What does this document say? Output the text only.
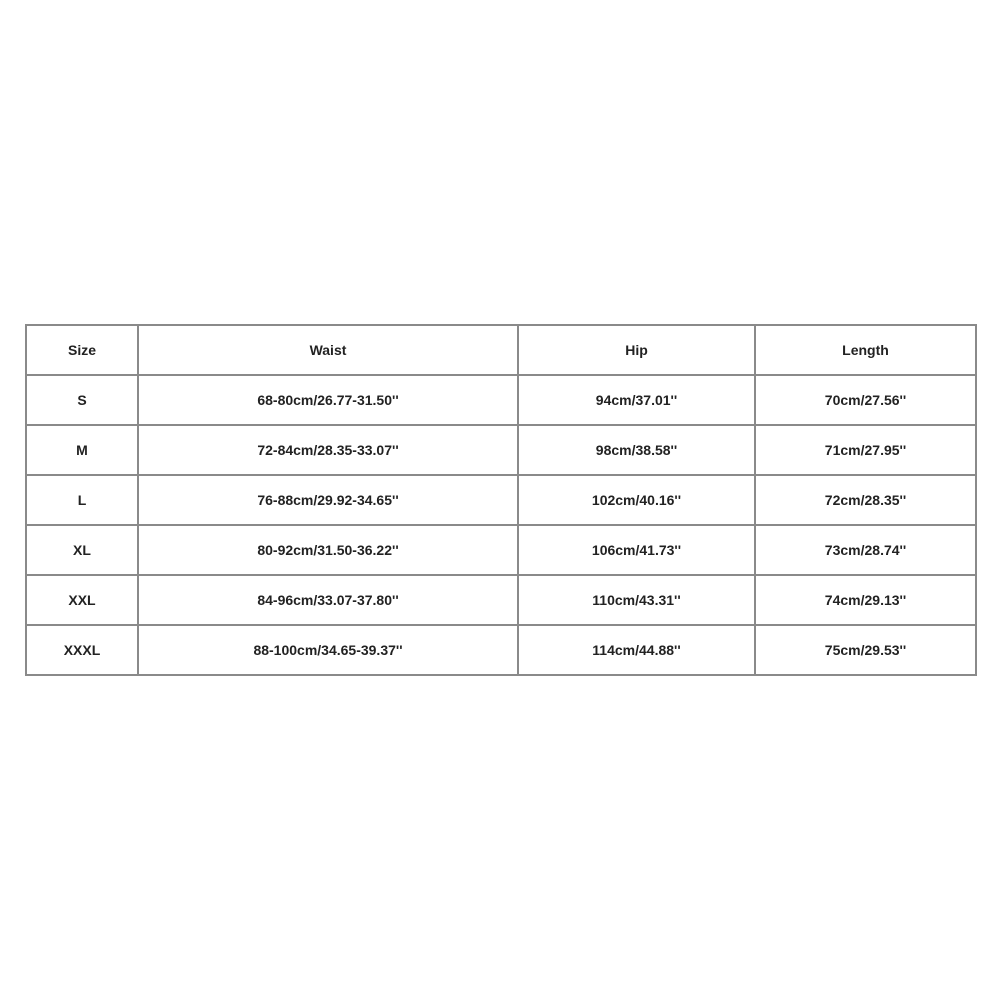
Size	Waist	Hip	Length
S	68-80cm/26.77-31.50''	94cm/37.01''	70cm/27.56''
M	72-84cm/28.35-33.07''	98cm/38.58''	71cm/27.95''
L	76-88cm/29.92-34.65''	102cm/40.16''	72cm/28.35''
XL	80-92cm/31.50-36.22''	106cm/41.73''	73cm/28.74''
XXL	84-96cm/33.07-37.80''	110cm/43.31''	74cm/29.13''
XXXL	88-100cm/34.65-39.37''	114cm/44.88''	75cm/29.53''
